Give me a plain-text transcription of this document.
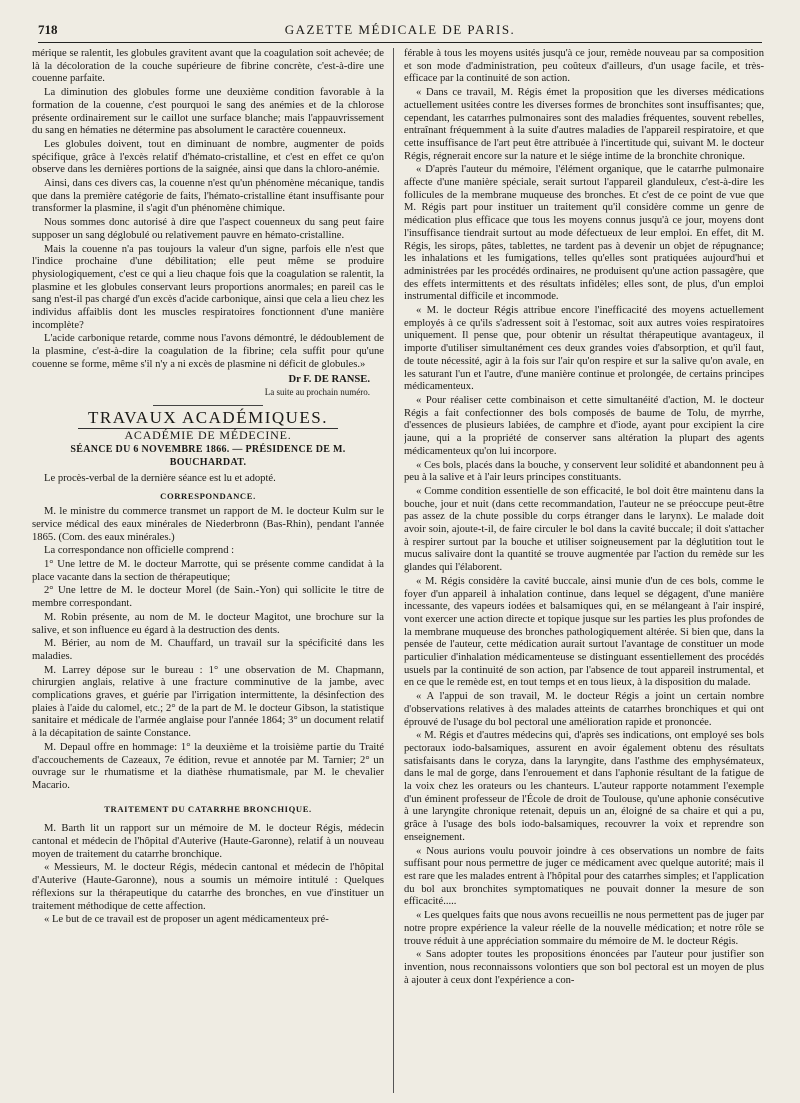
718	GAZETTE MÉDICALE DE PARIS.

mérique se ralentit, les globules gravitent avant que la coagulation soit achevée; de là la décoloration de la couche supérieure de fibrine concrète, c'est-à-dire une couenne parfaite.

La diminution des globules forme une deuxième condition favorable à la formation de la couenne, c'est pourquoi le sang des anémies et de la chlorose présente ordinairement sur le caillot une surface blanche; mais l'appauvrissement du sang en hématies ne détermine pas absolument le caractère couenneux.

Les globules doivent, tout en diminuant de nombre, augmenter de poids spécifique, grâce à l'excès relatif d'hémato-cristalline, et c'est en effet ce qu'on observe dans les dernières portions de la saignée, ainsi que dans la chloro-anémie.

Ainsi, dans ces divers cas, la couenne n'est qu'un phénomène mécanique, tandis que dans la première catégorie de faits, l'hémato-cristalline étant insuffisante pour transformer la plasmine, il s'agit d'un phénomène chimique.

Nous sommes donc autorisé à dire que l'aspect couenneux du sang peut faire supposer un sang déglobulé ou relativement pauvre en hémato-cristalline.

Mais la couenne n'a pas toujours la valeur d'un signe, parfois elle n'est que l'indice prochaine d'une débilitation; elle peut même se produire physiologiquement, c'est ce qui a lieu chaque fois que la coagulation se ralentit, la plasmine et les globules conservant leurs proportions anormales; en pareil cas le sang n'est-il pas chargé d'un excès d'acide carbonique, ainsi que cela a lieu chez les individus affaiblis dont les muscles respiratoires fonctionnent d'une manière incomplète?

L'acide carbonique retarde, comme nous l'avons démontré, le dédoublement de la plasmine, c'est-à-dire la coagulation de la fibrine; cela suffit pour qu'une couenne se forme, même s'il n'y a ni excès de plasmine ni déficit de globules.»

Dr F. DE RANSE.
La suite au prochain numéro.
TRAVAUX ACADÉMIQUES.
ACADÉMIE DE MÉDECINE.
SÉANCE DU 6 NOVEMBRE 1866. — PRÉSIDENCE DE M. BOUCHARDAT.

Le procès-verbal de la dernière séance est lu et adopté.

CORRESPONDANCE.

M. le ministre du commerce transmet un rapport de M. le docteur Kulm sur le service médical des eaux minérales de Niederbronn (Bas-Rhin), pendant l'année 1865. (Com. des eaux minérales.)

La correspondance non officielle comprend :

1° Une lettre de M. le docteur Marrotte, qui se présente comme candidat à la place vacante dans la section de thérapeutique;

2° Une lettre de M. le docteur Morel (de Sain.-Yon) qui sollicite le titre de membre correspondant.

M. Robin présente, au nom de M. le docteur Magitot, une brochure sur la salive, et son influence eu égard à la destruction des dents.

M. Bérier, au nom de M. Chauffard, un travail sur la spécificité dans les maladies.

M. Larrey dépose sur le bureau : 1° une observation de M. Chapmann, chirurgien anglais, relative à une fracture comminutive de la jambe, avec complications graves, et guérie par l'irrigation intermittente, la désinfection des plaies à l'aide du calomel, etc.; 2° de la part de M. le docteur Gibson, la statistique sanitaire et médicale de l'armée anglaise pour l'année 1864; 3° un document relatif à la décapitation de sainte Constance.

M. Depaul offre en hommage: 1° la deuxième et la troisième partie du Traité d'accouchements de Cazeaux, 7e édition, revue et annotée par M. Tarnier; 2° un ouvrage sur le rhumatisme et la diathèse rhumatismale, par M. le chevalier Macario.

TRAITEMENT DU CATARRHE BRONCHIQUE.

M. Barth lit un rapport sur un mémoire de M. le docteur Régis, médecin cantonal et médecin de l'hôpital d'Auterive (Haute-Garonne), relatif à un nouveau moyen de traitement du catarrhe bronchique.

« Messieurs, M. le docteur Régis, médecin cantonal et médecin de l'hôpital d'Auterive (Haute-Garonne), nous a soumis un mémoire intitulé : Quelques réflexions sur la thérapeutique du catarrhe des bronches, en vue d'instituer un traitement méthodique de cette affection.

« Le but de ce travail est de proposer un agent médicamenteux pré-

férable à tous les moyens usités jusqu'à ce jour, remède nouveau par sa composition et son mode d'administration, peu coûteux d'ailleurs, d'un usage facile, et très-efficace par la continuité de son action.

« Dans ce travail, M. Régis émet la proposition que les diverses médications actuellement usitées contre les diverses formes de bronchites sont insuffisantes; que, cependant, les catarrhes pulmonaires sont des maladies fréquentes, souvent rebelles, entraînant fréquemment à la suite d'autres maladies de l'appareil respiratoire, et que cette insuffisance de l'art peut être attribuée à l'incertitude qui, suivant M. le docteur Régis, régnerait encore sur la nature et le siége intime de la bronchite chronique.

« D'après l'auteur du mémoire, l'élément organique, que le catarrhe pulmonaire affecte d'une manière spéciale, serait surtout l'appareil glanduleux, c'est-à-dire les follicules de la membrane muqueuse des bronches. Et c'est de ce point de vue que M. Régis part pour instituer un traitement qu'il considère comme un genre de médication plus efficace que tous les moyens connus jusqu'à ce jour, moyens dont l'insuffisance tiendrait surtout au mode défectueux de leur emploi. En effet, dit M. Régis, les sirops, pâtes, tablettes, ne tardent pas à devenir un objet de répugnance; les inhalations et les fumigations, telles qu'elles sont pratiquées aujourd'hui et administrées par les procédés ordinaires, ne produisent qu'une action passagère, que des effets intermittents et des résultats infidèles; elles sont, de plus, d'un emploi instrumental difficile et incommode.

« M. le docteur Régis attribue encore l'inefficacité des moyens actuellement employés à ce qu'ils s'adressent soit à l'estomac, soit aux autres voies respiratoires uniquement. Il pense que, pour obtenir un résultat thérapeutique avantageux, il importe d'utiliser simultanément ces deux grandes voies d'absorption, et qu'il faut, de toute nécessité, agir à la fois sur l'air qu'on respire et sur la salive qu'on avale, en les saturant l'un et l'autre, d'une manière continue et prolongée, de certains principes médicamenteux.

« Pour réaliser cette combinaison et cette simultanéité d'action, M. le docteur Régis a fait confectionner des bols composés de baume de Tolu, de myrrhe, d'essences de plusieurs labiées, de camphre et d'iode, ayant pour excipient la cire jaune, qui a la propriété de conserver sans altération la plupart des agents médicamenteux qu'on lui incorpore.

« Ces bols, placés dans la bouche, y conservent leur solidité et abandonnent peu à peu à la salive et à l'air leurs principes constituants.

« Comme condition essentielle de son efficacité, le bol doit être maintenu dans la bouche, jour et nuit (dans cette recommandation, l'auteur ne se préoccupe peut-être pas assez de la chute possible du corps étranger dans le larynx). Le malade doit avoir soin, ajoute-t-il, de faire circuler le bol dans la cavité buccale; il doit s'attacher à respirer surtout par la bouche et utiliser soigneusement par la déglutition tout le mucus salivaire dont la quantité se trouve augmentée par l'action du remède sur les glandes qui l'élaborent.

« M. Régis considère la cavité buccale, ainsi munie d'un de ces bols, comme le foyer d'un appareil à inhalation continue, dans lequel se dégagent, d'une manière incessante, des vapeurs iodées et balsamiques qui, en se mélangeant à l'air inspiré, vont exercer une action directe et topique jusque sur les parties les plus profondes de la membrane muqueuse des bronches pathologiquement altérée. Si bien que, dans la pensée de l'auteur, cette médication aurait surtout l'avantage de constituer un mode particulier d'inhalation médicamenteuse se distinguant essentiellement des procédés usuels par la continuité de son action, par l'absence de tout appareil instrumental, et en ce que le remède est, en tout temps et en tous lieux, à la disposition du malade.

« A l'appui de son travail, M. le docteur Régis a joint un certain nombre d'observations relatives à des malades atteints de catarrhes bronchiques et qui ont éprouvé de l'usage du bol pectoral une amélioration rapide et prononcée.

« M. Régis et d'autres médecins qui, d'après ses indications, ont employé ses bols pectoraux iodo-balsamiques, assurent en avoir également obtenu des résultats satisfaisants dans le coryza, dans la laryngite, dans l'asthme des emphysémateux, dans le mal de gorge, dans l'enrouement et dans l'aphonie résultant de la fatigue de la voix chez les orateurs ou les chanteurs. L'auteur rapporte notamment l'exemple d'un éminent professeur de l'École de droit de Toulouse, qu'une aphonie consécutive à une laryngite chronique retenait, depuis un an, éloigné de sa chaire et qui a pu, grâce à l'usage des bols iodo-balsamiques, recouvrer la voix et reprendre son enseignement.

« Nous aurions voulu pouvoir joindre à ces observations un nombre de faits suffisant pour nous permettre de juger ce médicament avec quelque autorité; mais il est rare que les malades entrent à l'hôpital pour des catarrhes simples; et l'application du bol aux bronchites symptomatiques ne pouvait donner la mesure de son efficacité.....

« Les quelques faits que nous avons recueillis ne nous permettent pas de juger par notre propre expérience la valeur réelle de la nouvelle médication; et notre rôle se trouve réduit à une appréciation sommaire du mémoire de M. le docteur Régis.

« Sans adopter toutes les propositions énoncées par l'auteur pour justifier son invention, nous reconnaissons volontiers que son bol pectoral est un moyen de plus à ajouter à ceux dont l'expérience a con-
